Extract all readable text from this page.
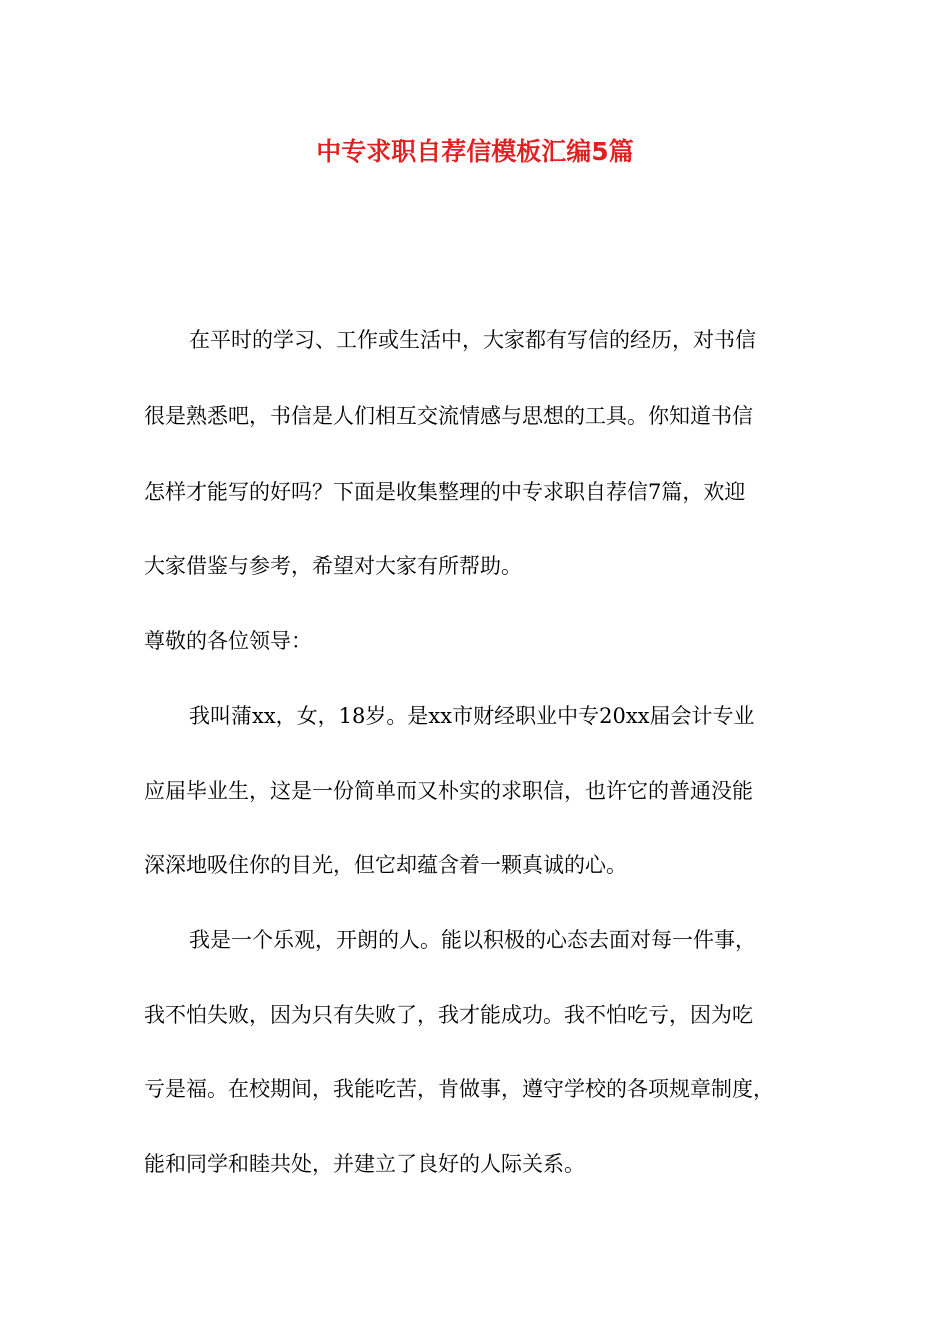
中专求职自荐信模板汇编5篇
在平时的学习、工作或生活中，大家都有写信的经历，对书信
很是熟悉吧，书信是人们相互交流情感与思想的工具。你知道书信
怎样才能写的好吗？下面是收集整理的中专求职自荐信7篇，欢迎
大家借鉴与参考，希望对大家有所帮助。
尊敬的各位领导：
我叫蒲xx，女，18岁。是xx市财经职业中专20xx届会计专业
应届毕业生，这是一份简单而又朴实的求职信，也许它的普通没能
深深地吸住你的目光，但它却蕴含着一颗真诚的心。
我是一个乐观，开朗的人。能以积极的心态去面对每一件事，
我不怕失败，因为只有失败了，我才能成功。我不怕吃亏，因为吃
亏是福。在校期间，我能吃苦，肯做事，遵守学校的各项规章制度，
能和同学和睦共处，并建立了良好的人际关系。
